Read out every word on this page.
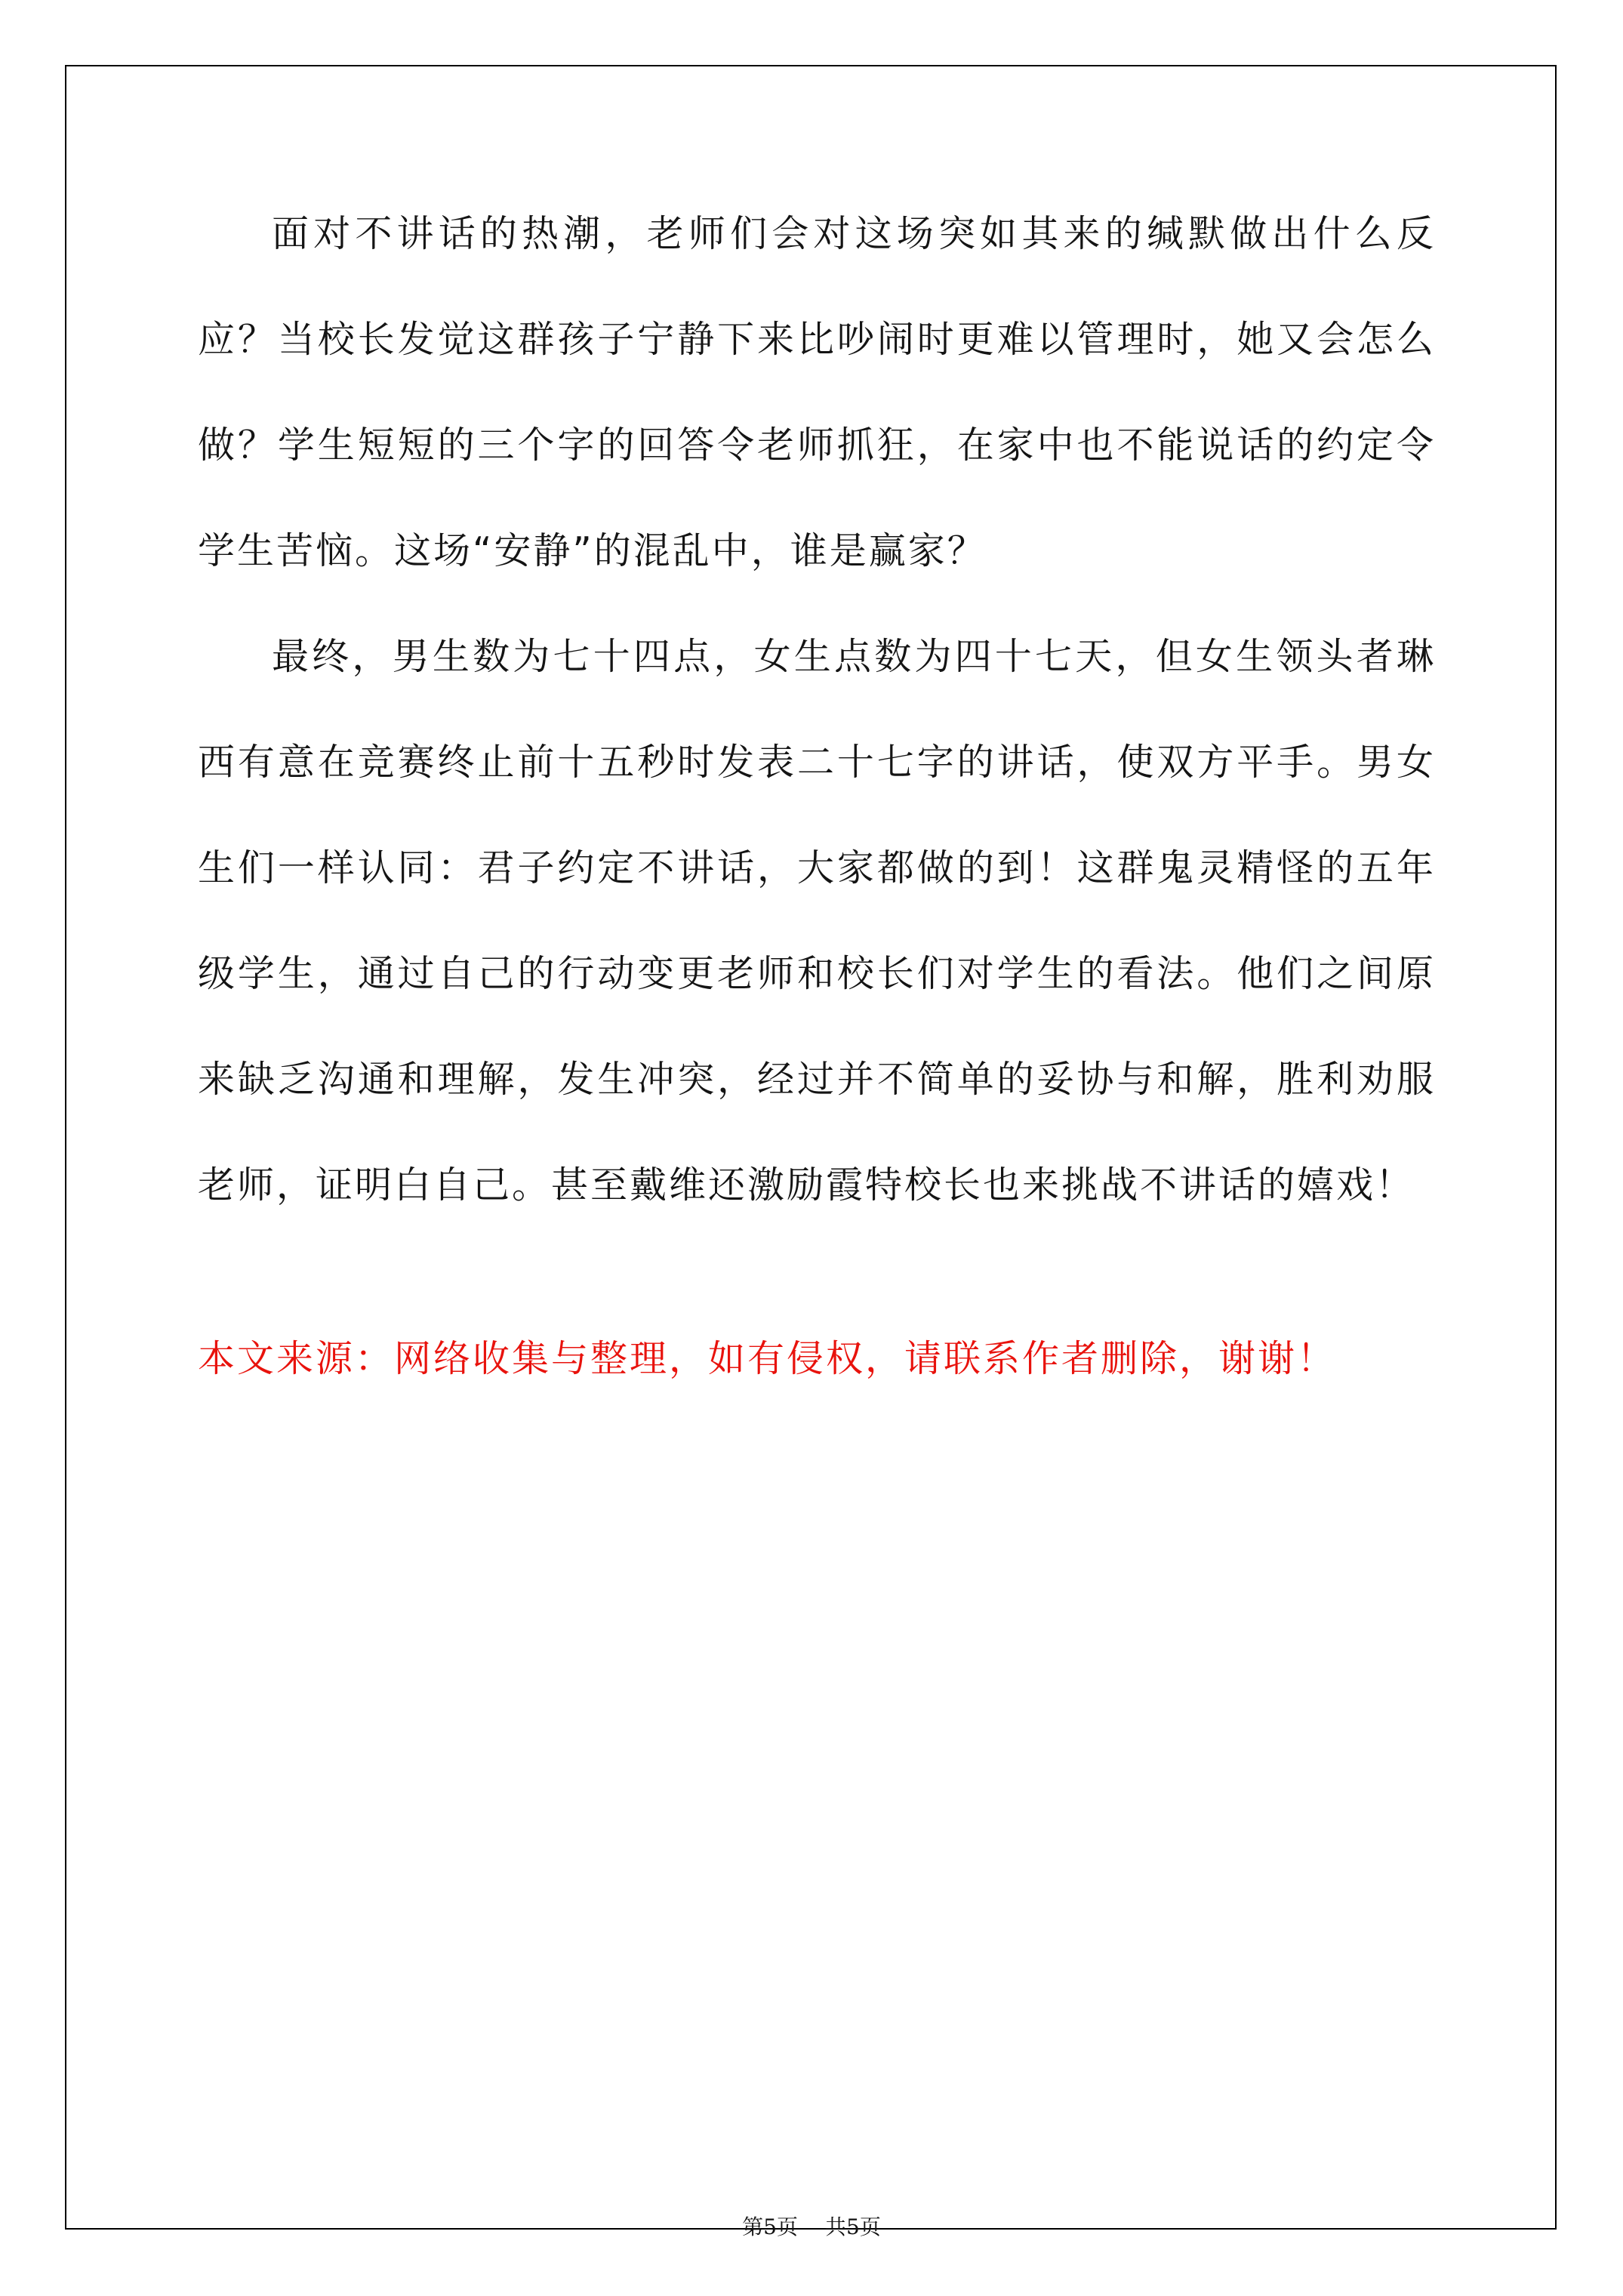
面对不讲话的热潮，老师们会对这场突如其来的缄默做出什么反应？当校长发觉这群孩子宁静下来比吵闹时更难以管理时，她又会怎么做？学生短短的三个字的回答令老师抓狂，在家中也不能说话的约定令学生苦恼。这场“安静”的混乱中，谁是赢家？

最终，男生数为七十四点，女生点数为四十七天，但女生领头者琳西有意在竞赛终止前十五秒时发表二十七字的讲话，使双方平手。男女生们一样认同：君子约定不讲话，大家都做的到！这群鬼灵精怪的五年级学生，通过自己的行动变更老师和校长们对学生的看法。他们之间原来缺乏沟通和理解，发生冲突，经过并不简单的妥协与和解，胜利劝服老师，证明白自己。甚至戴维还激励霞特校长也来挑战不讲话的嬉戏！

本文来源：网络收集与整理，如有侵权，请联系作者删除，谢谢！

第5页 共5页
